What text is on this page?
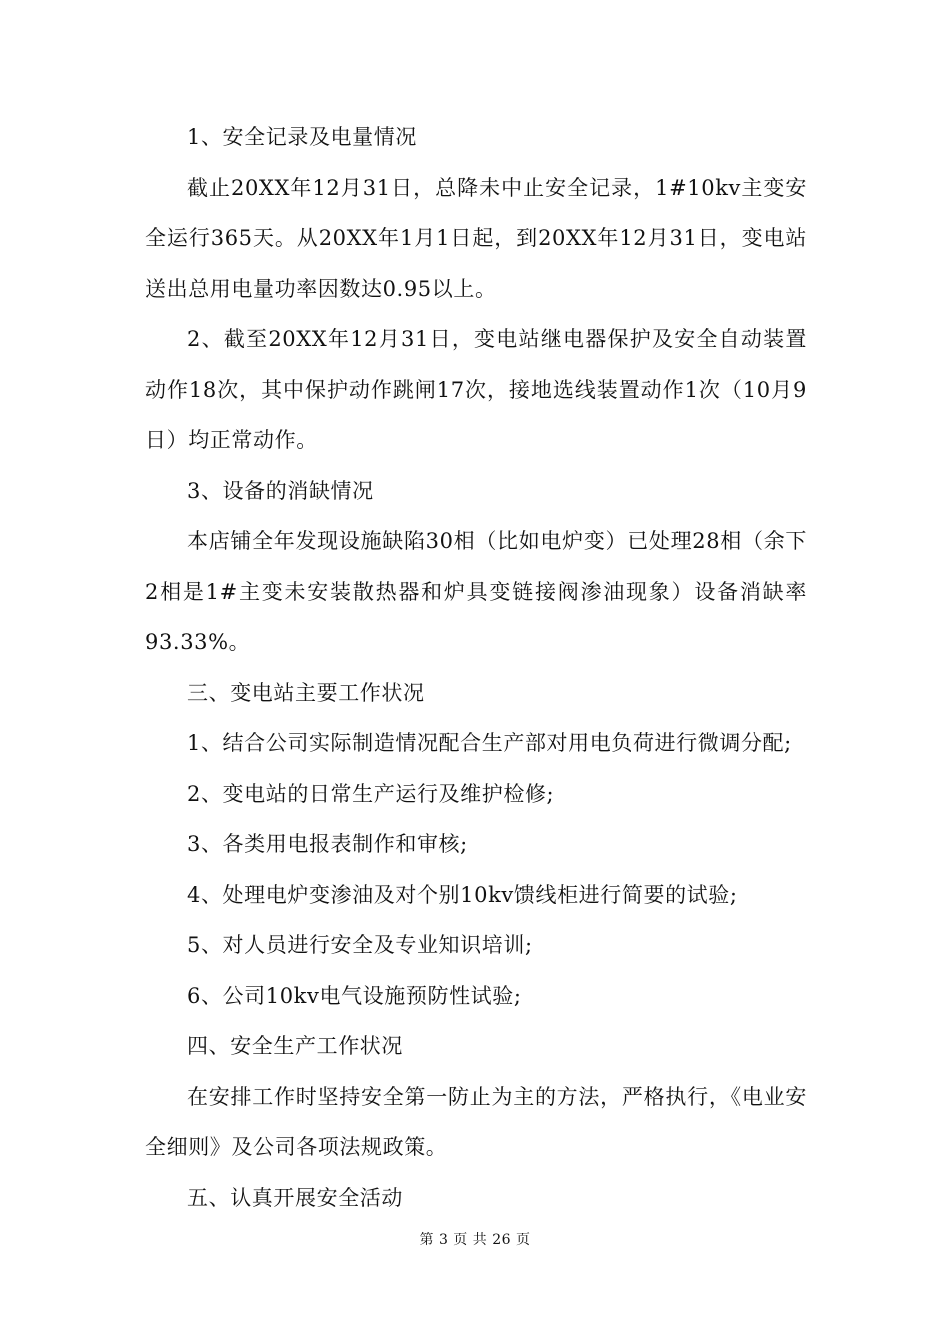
1、安全记录及电量情况

截止20XX年12月31日，总降未中止安全记录，1#10kv主变安全运行365天。从20XX年1月1日起，到20XX年12月31日，变电站送出总用电量功率因数达0.95以上。

2、截至20XX年12月31日，变电站继电器保护及安全自动装置动作18次，其中保护动作跳闸17次，接地选线装置动作1次（10月9日）均正常动作。

3、设备的消缺情况

本店铺全年发现设施缺陷30相（比如电炉变）已处理28相（余下2相是1#主变未安装散热器和炉具变链接阀渗油现象）设备消缺率93.33%。

三、变电站主要工作状况

1、结合公司实际制造情况配合生产部对用电负荷进行微调分配;

2、变电站的日常生产运行及维护检修;

3、各类用电报表制作和审核;

4、处理电炉变渗油及对个别10kv馈线柜进行简要的试验;

5、对人员进行安全及专业知识培训;

6、公司10kv电气设施预防性试验;

四、安全生产工作状况

在安排工作时坚持安全第一防止为主的方法，严格执行，《电业安全细则》及公司各项法规政策。

五、认真开展安全活动

第 3 页 共 26 页
